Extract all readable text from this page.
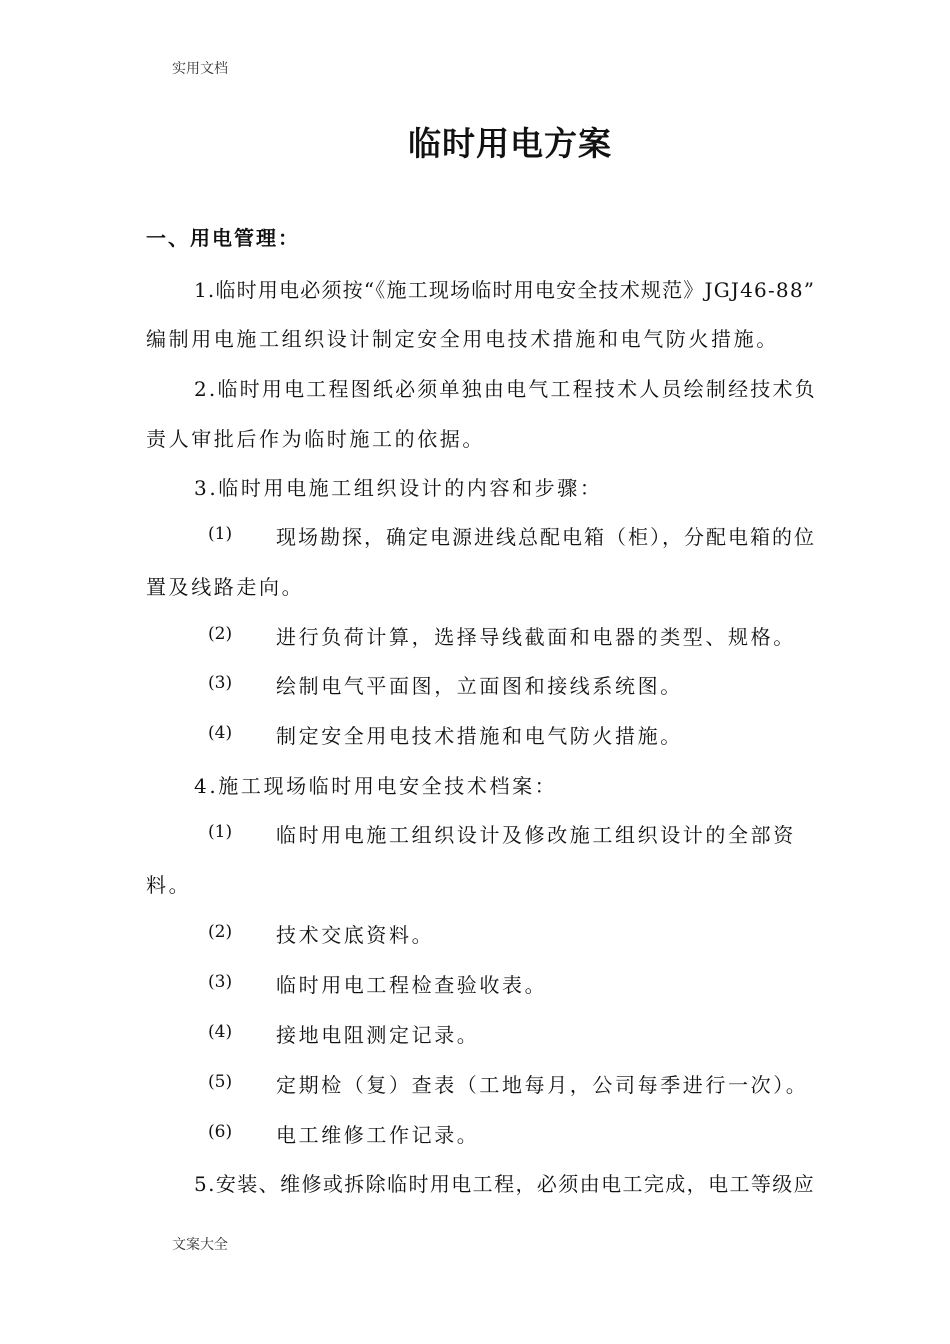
实用文档
临时用电方案
一、用电管理：
1.临时用电必须按“《施工现场临时用电安全技术规范》JGJ46-88”
编制用电施工组织设计制定安全用电技术措施和电气防火措施。
2.临时用电工程图纸必须单独由电气工程技术人员绘制经技术负
责人审批后作为临时施工的依据。
3.临时用电施工组织设计的内容和步骤：
(1) 现场勘探，确定电源进线总配电箱（柜），分配电箱的位
置及线路走向。
(2) 进行负荷计算，选择导线截面和电器的类型、规格。
(3) 绘制电气平面图，立面图和接线系统图。
(4) 制定安全用电技术措施和电气防火措施。
4.施工现场临时用电安全技术档案：
(1) 临时用电施工组织设计及修改施工组织设计的全部资
料。
(2) 技术交底资料。
(3) 临时用电工程检查验收表。
(4) 接地电阻测定记录。
(5) 定期检（复）查表（工地每月，公司每季进行一次）。
(6) 电工维修工作记录。
5.安装、维修或拆除临时用电工程，必须由电工完成，电工等级应
文案大全
